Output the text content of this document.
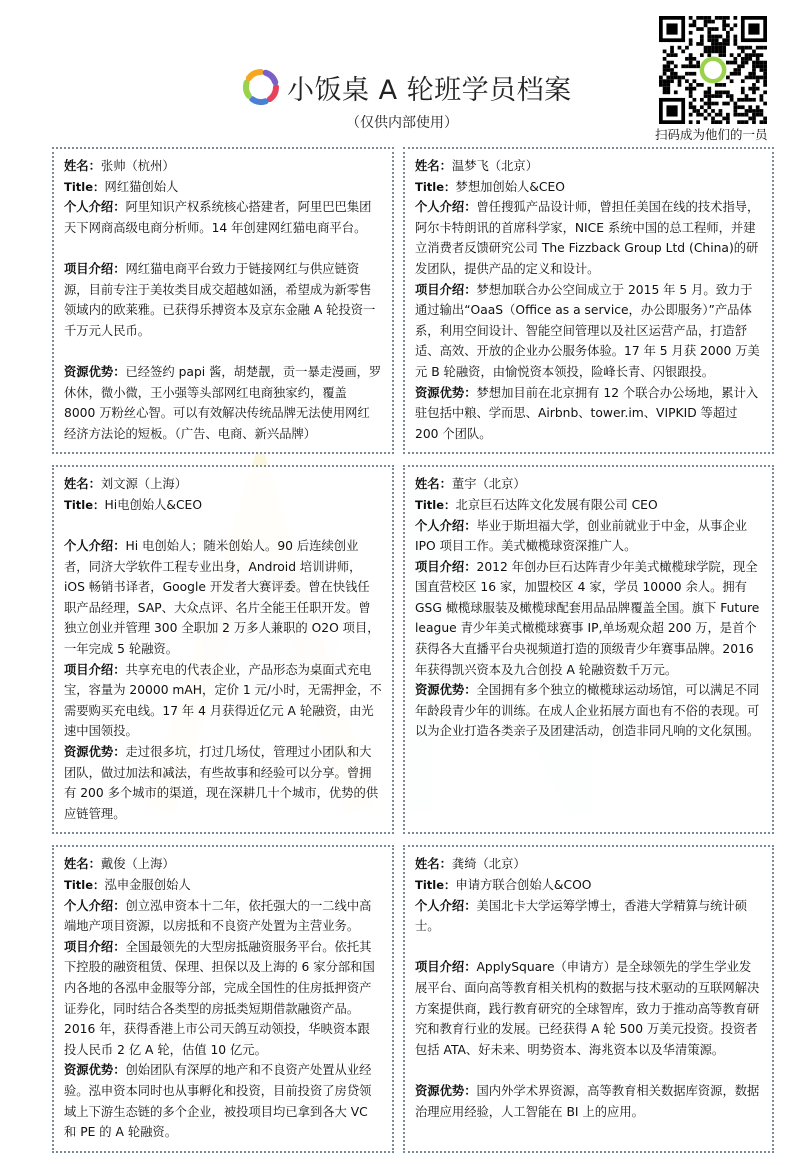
小饭桌 A 轮班学员档案
（仅供内部使用）
扫码成为他们的一员

姓名：张帅（杭州）

Title：网红猫创始人

个人介绍：阿里知识产权系统核心搭建者，阿里巴巴集团天下网商高级电商分析师。14 年创建网红猫电商平台。

项目介绍：网红猫电商平台致力于链接网红与供应链资源，目前专注于美妆类目成交超越如涵，希望成为新零售领域内的欧莱雅。已获得乐搏资本及京东金融 A 轮投资一千万元人民币。

资源优势：已经签约 papi 酱，胡楚靓，贡一暴走漫画，罗休休，微小微，王小强等头部网红电商独家约，覆盖 8000 万粉丝心智。可以有效解决传统品牌无法使用网红经济方法论的短板。（广告、电商、新兴品牌）

姓名：温梦飞（北京）

Title：梦想加创始人&CEO

个人介绍：曾任搜狐产品设计师，曾担任美国在线的技术指导，阿尔卡特朗讯的首席科学家，NICE 系统中国的总工程师，并建立消费者反馈研究公司 The Fizzback Group Ltd (China)的研发团队，提供产品的定义和设计。

项目介绍：梦想加联合办公空间成立于 2015 年 5 月。致力于通过输出“OaaS（Office as a service，办公即服务）”产品体系，利用空间设计、智能空间管理以及社区运营产品，打造舒适、高效、开放的企业办公服务体验。17 年 5 月获 2000 万美元 B 轮融资，由愉悦资本领投，险峰长青、闪银跟投。

资源优势：梦想加目前在北京拥有 12 个联合办公场地，累计入驻包括中粮、学而思、Airbnb、tower.im、VIPKID 等超过 200 个团队。

姓名：刘文源（上海）

Title：Hi电创始人&CEO

个人介绍：Hi 电创始人；随米创始人。90 后连续创业者，同济大学软件工程专业出身，Android 培训讲师，iOS 畅销书译者，Google 开发者大赛评委。曾在快钱任职产品经理，SAP、大众点评、名片全能王任职开发。曾独立创业并管理 300 全职加 2 万多人兼职的 O2O 项目，一年完成 5 轮融资。

项目介绍：共享充电的代表企业，产品形态为桌面式充电宝，容量为 20000 mAH，定价 1 元/小时，无需押金，不需要购买充电线。17 年 4 月获得近亿元 A 轮融资，由光速中国领投。

资源优势：走过很多坑，打过几场仗，管理过小团队和大团队，做过加法和减法，有些故事和经验可以分享。曾拥有 200 多个城市的渠道，现在深耕几十个城市，优势的供应链管理。

姓名：董宇（北京）

Title：北京巨石达阵文化发展有限公司 CEO

个人介绍：毕业于斯坦福大学，创业前就业于中金，从事企业 IPO 项目工作。美式橄榄球资深推广人。

项目介绍：2012 年创办巨石达阵青少年美式橄榄球学院，现全国直营校区 16 家，加盟校区 4 家，学员 10000 余人。拥有 GSG 橄榄球服装及橄榄球配套用品品牌覆盖全国。旗下 Future league 青少年美式橄榄球赛事 IP,单场观众超 200 万，是首个获得各大直播平台央视频道打造的顶级青少年赛事品牌。2016 年获得凯兴资本及九合创投 A 轮融资数千万元。

资源优势：全国拥有多个独立的橄榄球运动场馆，可以满足不同年龄段青少年的训练。在成人企业拓展方面也有不俗的表现。可以为企业打造各类亲子及团建活动，创造非同凡响的文化氛围。

姓名：戴俊（上海）

Title：泓申金服创始人

个人介绍：创立泓申资本十二年，依托强大的一二线中高端地产项目资源，以房抵和不良资产处置为主营业务。

项目介绍：全国最领先的大型房抵融资服务平台。依托其下控股的融资租赁、保理、担保以及上海的 6 家分部和国内各地的各泓申金服等分部，完成全国性的住房抵押资产证券化，同时结合各类型的房抵类短期借款融资产品。2016 年，获得香港上市公司天鸽互动领投，华映资本跟投人民币 2 亿 A 轮，估值 10 亿元。

资源优势：创始团队有深厚的地产和不良资产处置从业经验。泓申资本同时也从事孵化和投资，目前投资了房贷领域上下游生态链的多个企业，被投项目均已拿到各大 VC 和 PE 的 A 轮融资。

姓名：龚绮（北京）

Title：申请方联合创始人&COO

个人介绍：美国北卡大学运筹学博士，香港大学精算与统计硕士。

项目介绍：ApplySquare（申请方）是全球领先的学生学业发展平台、面向高等教育相关机构的数据与技术驱动的互联网解决方案提供商，践行教育研究的全球智库，致力于推动高等教育研究和教育行业的发展。已经获得 A 轮 500 万美元投资。投资者包括 ATA、好未来、明势资本、海兆资本以及华清策源。

资源优势：国内外学术界资源，高等教育相关数据库资源，数据治理应用经验，人工智能在 BI 上的应用。
